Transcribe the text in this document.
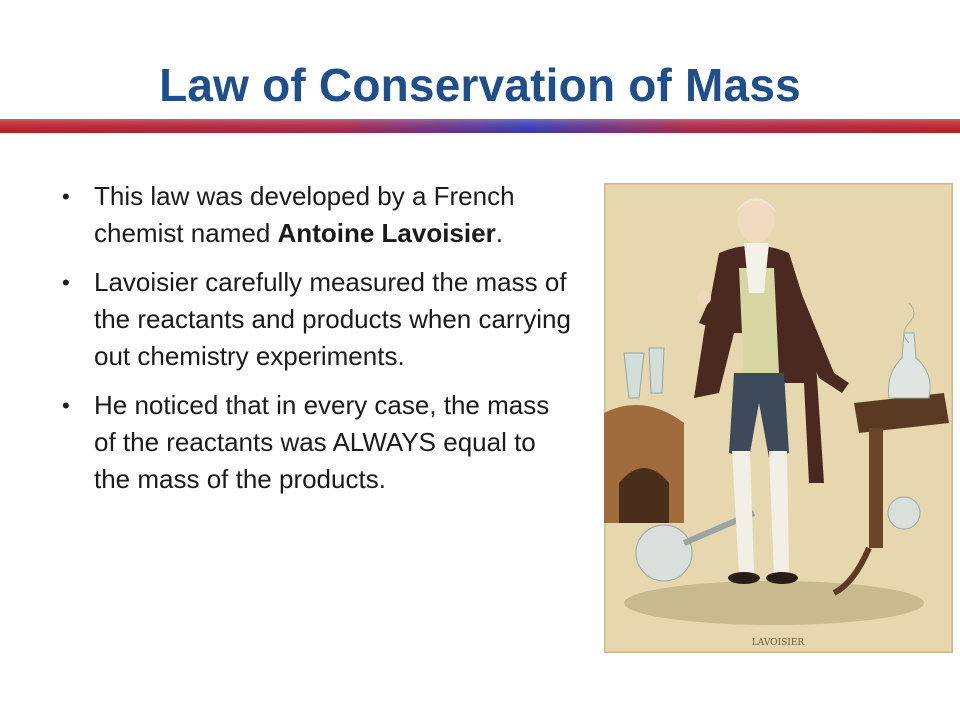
Law of Conservation of Mass
• This law was developed by a French chemist named Antoine Lavoisier.
• Lavoisier carefully measured the mass of the reactants and products when carrying out chemistry experiments.
• He noticed that in every case, the mass of the reactants was ALWAYS equal to the mass of the products.
LAVOISIER
